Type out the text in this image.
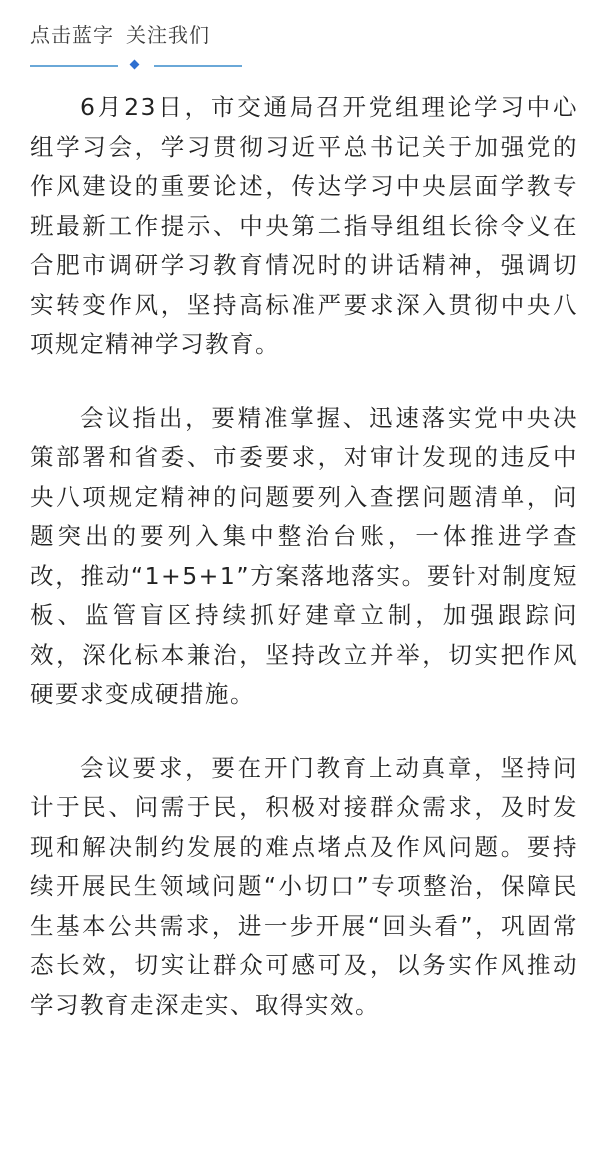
点击蓝字 关注我们

6月23日，市交通局召开党组理论学习中心组学习会，学习贯彻习近平总书记关于加强党的作风建设的重要论述，传达学习中央层面学教专班最新工作提示、中央第二指导组组长徐令义在合肥市调研学习教育情况时的讲话精神，强调切实转变作风，坚持高标准严要求深入贯彻中央八项规定精神学习教育。

会议指出，要精准掌握、迅速落实党中央决策部署和省委、市委要求，对审计发现的违反中央八项规定精神的问题要列入查摆问题清单，问题突出的要列入集中整治台账，一体推进学查改，推动“1+5+1”方案落地落实。要针对制度短板、监管盲区持续抓好建章立制，加强跟踪问效，深化标本兼治，坚持改立并举，切实把作风硬要求变成硬措施。

会议要求，要在开门教育上动真章，坚持问计于民、问需于民，积极对接群众需求，及时发现和解决制约发展的难点堵点及作风问题。要持续开展民生领域问题“小切口”专项整治，保障民生基本公共需求，进一步开展“回头看”，巩固常态长效，切实让群众可感可及，以务实作风推动学习教育走深走实、取得实效。
